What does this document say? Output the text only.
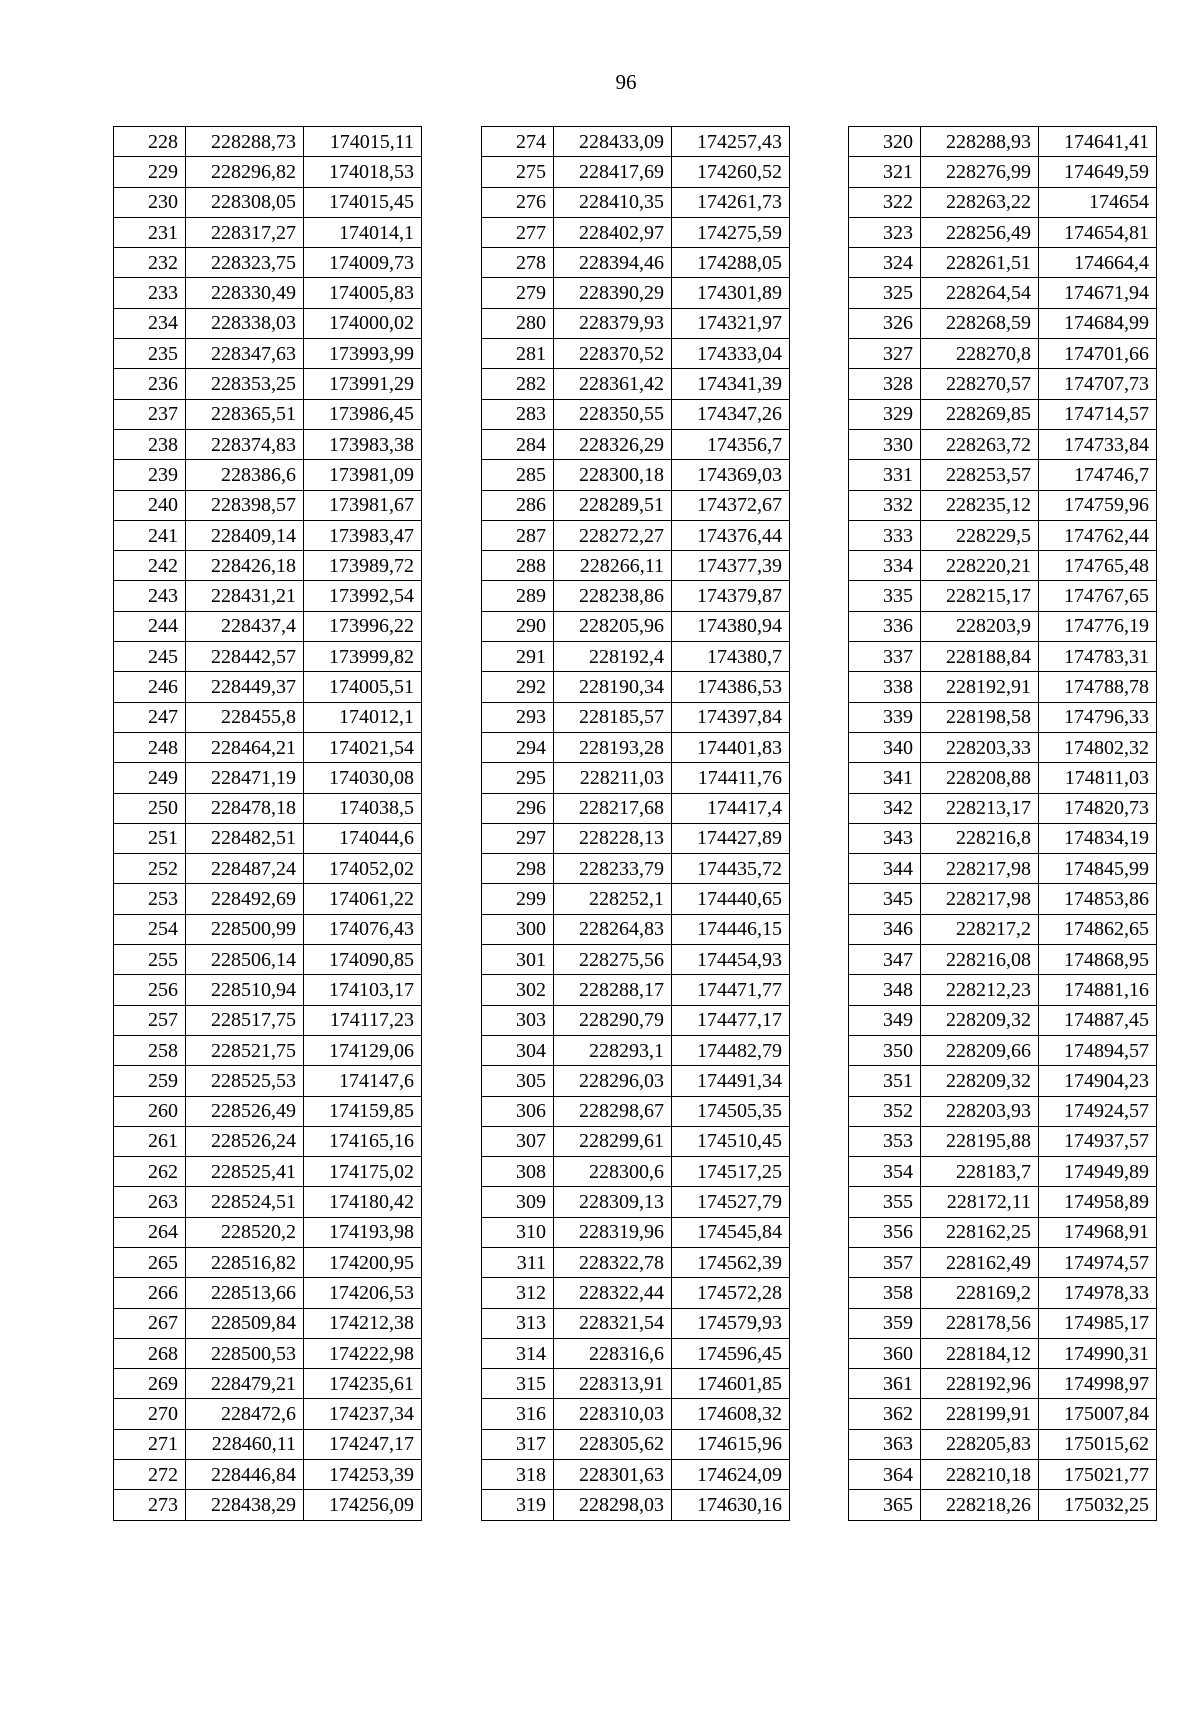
96
228	228288,73	174015,11
229	228296,82	174018,53
230	228308,05	174015,45
231	228317,27	174014,1
232	228323,75	174009,73
233	228330,49	174005,83
234	228338,03	174000,02
235	228347,63	173993,99
236	228353,25	173991,29
237	228365,51	173986,45
238	228374,83	173983,38
239	228386,6	173981,09
240	228398,57	173981,67
241	228409,14	173983,47
242	228426,18	173989,72
243	228431,21	173992,54
244	228437,4	173996,22
245	228442,57	173999,82
246	228449,37	174005,51
247	228455,8	174012,1
248	228464,21	174021,54
249	228471,19	174030,08
250	228478,18	174038,5
251	228482,51	174044,6
252	228487,24	174052,02
253	228492,69	174061,22
254	228500,99	174076,43
255	228506,14	174090,85
256	228510,94	174103,17
257	228517,75	174117,23
258	228521,75	174129,06
259	228525,53	174147,6
260	228526,49	174159,85
261	228526,24	174165,16
262	228525,41	174175,02
263	228524,51	174180,42
264	228520,2	174193,98
265	228516,82	174200,95
266	228513,66	174206,53
267	228509,84	174212,38
268	228500,53	174222,98
269	228479,21	174235,61
270	228472,6	174237,34
271	228460,11	174247,17
272	228446,84	174253,39
273	228438,29	174256,09
274	228433,09	174257,43
275	228417,69	174260,52
276	228410,35	174261,73
277	228402,97	174275,59
278	228394,46	174288,05
279	228390,29	174301,89
280	228379,93	174321,97
281	228370,52	174333,04
282	228361,42	174341,39
283	228350,55	174347,26
284	228326,29	174356,7
285	228300,18	174369,03
286	228289,51	174372,67
287	228272,27	174376,44
288	228266,11	174377,39
289	228238,86	174379,87
290	228205,96	174380,94
291	228192,4	174380,7
292	228190,34	174386,53
293	228185,57	174397,84
294	228193,28	174401,83
295	228211,03	174411,76
296	228217,68	174417,4
297	228228,13	174427,89
298	228233,79	174435,72
299	228252,1	174440,65
300	228264,83	174446,15
301	228275,56	174454,93
302	228288,17	174471,77
303	228290,79	174477,17
304	228293,1	174482,79
305	228296,03	174491,34
306	228298,67	174505,35
307	228299,61	174510,45
308	228300,6	174517,25
309	228309,13	174527,79
310	228319,96	174545,84
311	228322,78	174562,39
312	228322,44	174572,28
313	228321,54	174579,93
314	228316,6	174596,45
315	228313,91	174601,85
316	228310,03	174608,32
317	228305,62	174615,96
318	228301,63	174624,09
319	228298,03	174630,16
320	228288,93	174641,41
321	228276,99	174649,59
322	228263,22	174654
323	228256,49	174654,81
324	228261,51	174664,4
325	228264,54	174671,94
326	228268,59	174684,99
327	228270,8	174701,66
328	228270,57	174707,73
329	228269,85	174714,57
330	228263,72	174733,84
331	228253,57	174746,7
332	228235,12	174759,96
333	228229,5	174762,44
334	228220,21	174765,48
335	228215,17	174767,65
336	228203,9	174776,19
337	228188,84	174783,31
338	228192,91	174788,78
339	228198,58	174796,33
340	228203,33	174802,32
341	228208,88	174811,03
342	228213,17	174820,73
343	228216,8	174834,19
344	228217,98	174845,99
345	228217,98	174853,86
346	228217,2	174862,65
347	228216,08	174868,95
348	228212,23	174881,16
349	228209,32	174887,45
350	228209,66	174894,57
351	228209,32	174904,23
352	228203,93	174924,57
353	228195,88	174937,57
354	228183,7	174949,89
355	228172,11	174958,89
356	228162,25	174968,91
357	228162,49	174974,57
358	228169,2	174978,33
359	228178,56	174985,17
360	228184,12	174990,31
361	228192,96	174998,97
362	228199,91	175007,84
363	228205,83	175015,62
364	228210,18	175021,77
365	228218,26	175032,25
